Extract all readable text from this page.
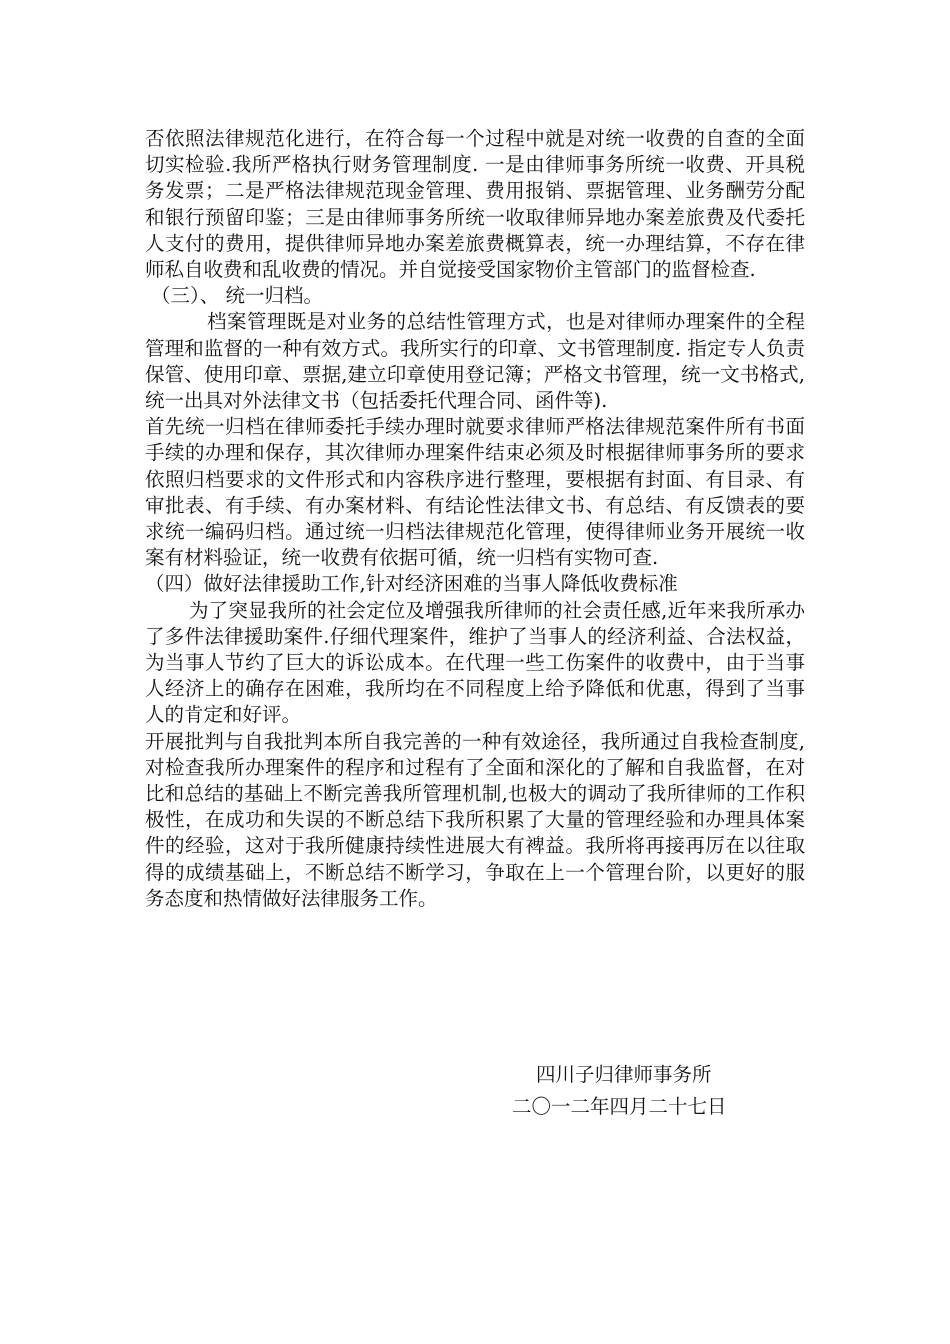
否依照法律规范化进行，在符合每一个过程中就是对统一收费的自查的全面切实检验.我所严格执行财务管理制度. 一是由律师事务所统一收费、开具税务发票；二是严格法律规范现金管理、费用报销、票据管理、业务酬劳分配和银行预留印鉴；三是由律师事务所统一收取律师异地办案差旅费及代委托人支付的费用，提供律师异地办案差旅费概算表，统一办理结算，不存在律师私自收费和乱收费的情况。并自觉接受国家物价主管部门的监督检查.

（三）、 统一归档。

档案管理既是对业务的总结性管理方式，也是对律师办理案件的全程管理和监督的一种有效方式。我所实行的印章、文书管理制度. 指定专人负责保管、使用印章、票据,建立印章使用登记簿；严格文书管理，统一文书格式,统一出具对外法律文书（包括委托代理合同、函件等).

首先统一归档在律师委托手续办理时就要求律师严格法律规范案件所有书面手续的办理和保存，其次律师办理案件结束必须及时根据律师事务所的要求依照归档要求的文件形式和内容秩序进行整理，要根据有封面、有目录、有审批表、有手续、有办案材料、有结论性法律文书、有总结、有反馈表的要求统一编码归档。通过统一归档法律规范化管理，使得律师业务开展统一收案有材料验证，统一收费有依据可循，统一归档有实物可查.

（四）做好法律援助工作,针对经济困难的当事人降低收费标准

为了突显我所的社会定位及增强我所律师的社会责任感,近年来我所承办了多件法律援助案件.仔细代理案件，维护了当事人的经济利益、合法权益，为当事人节约了巨大的诉讼成本。在代理一些工伤案件的收费中，由于当事人经济上的确存在困难，我所均在不同程度上给予降低和优惠，得到了当事人的肯定和好评。

开展批判与自我批判本所自我完善的一种有效途径，我所通过自我检查制度,对检查我所办理案件的程序和过程有了全面和深化的了解和自我监督，在对比和总结的基础上不断完善我所管理机制,也极大的调动了我所律师的工作积极性，在成功和失误的不断总结下我所积累了大量的管理经验和办理具体案件的经验，这对于我所健康持续性进展大有裨益。我所将再接再厉在以往取得的成绩基础上，不断总结不断学习，争取在上一个管理台阶，以更好的服务态度和热情做好法律服务工作。

四川子归律师事务所
二〇一二年四月二十七日
